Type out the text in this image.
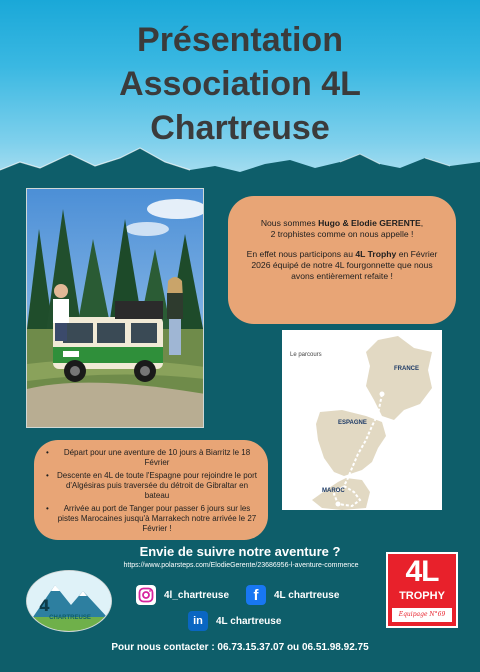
Présentation
Association 4L
Chartreuse

Nous sommes Hugo & Elodie GERENTE,
2 trophistes comme on nous appelle !

En effet nous participons au 4L Trophy en Février 2026 équipé de notre 4L fourgonnette que nous avons entièrement refaite !

Le parcours
FRANCE
ESPAGNE
MAROC
• Départ pour une aventure de 10 jours à Biarritz le 18 Février
• Descente en 4L de toute l'Espagne pour rejoindre le port d'Algésiras puis traversée du détroit de Gibraltar en bateau
• Arrivée au port de Tanger pour passer 6 jours sur les pistes Marocaines jusqu'à Marrakech notre arrivée le 27 Février !
Envie de suivre notre aventure ?
https://www.polarsteps.com/ElodieGerente/23686956-l-aventure-commence
4
CHARTREUSE
4l_chartreuse	f	4L chartreuse
in	4L chartreuse
4L
TROPHY
Equipage N°69
Pour nous contacter : 06.73.15.37.07 ou 06.51.98.92.75
